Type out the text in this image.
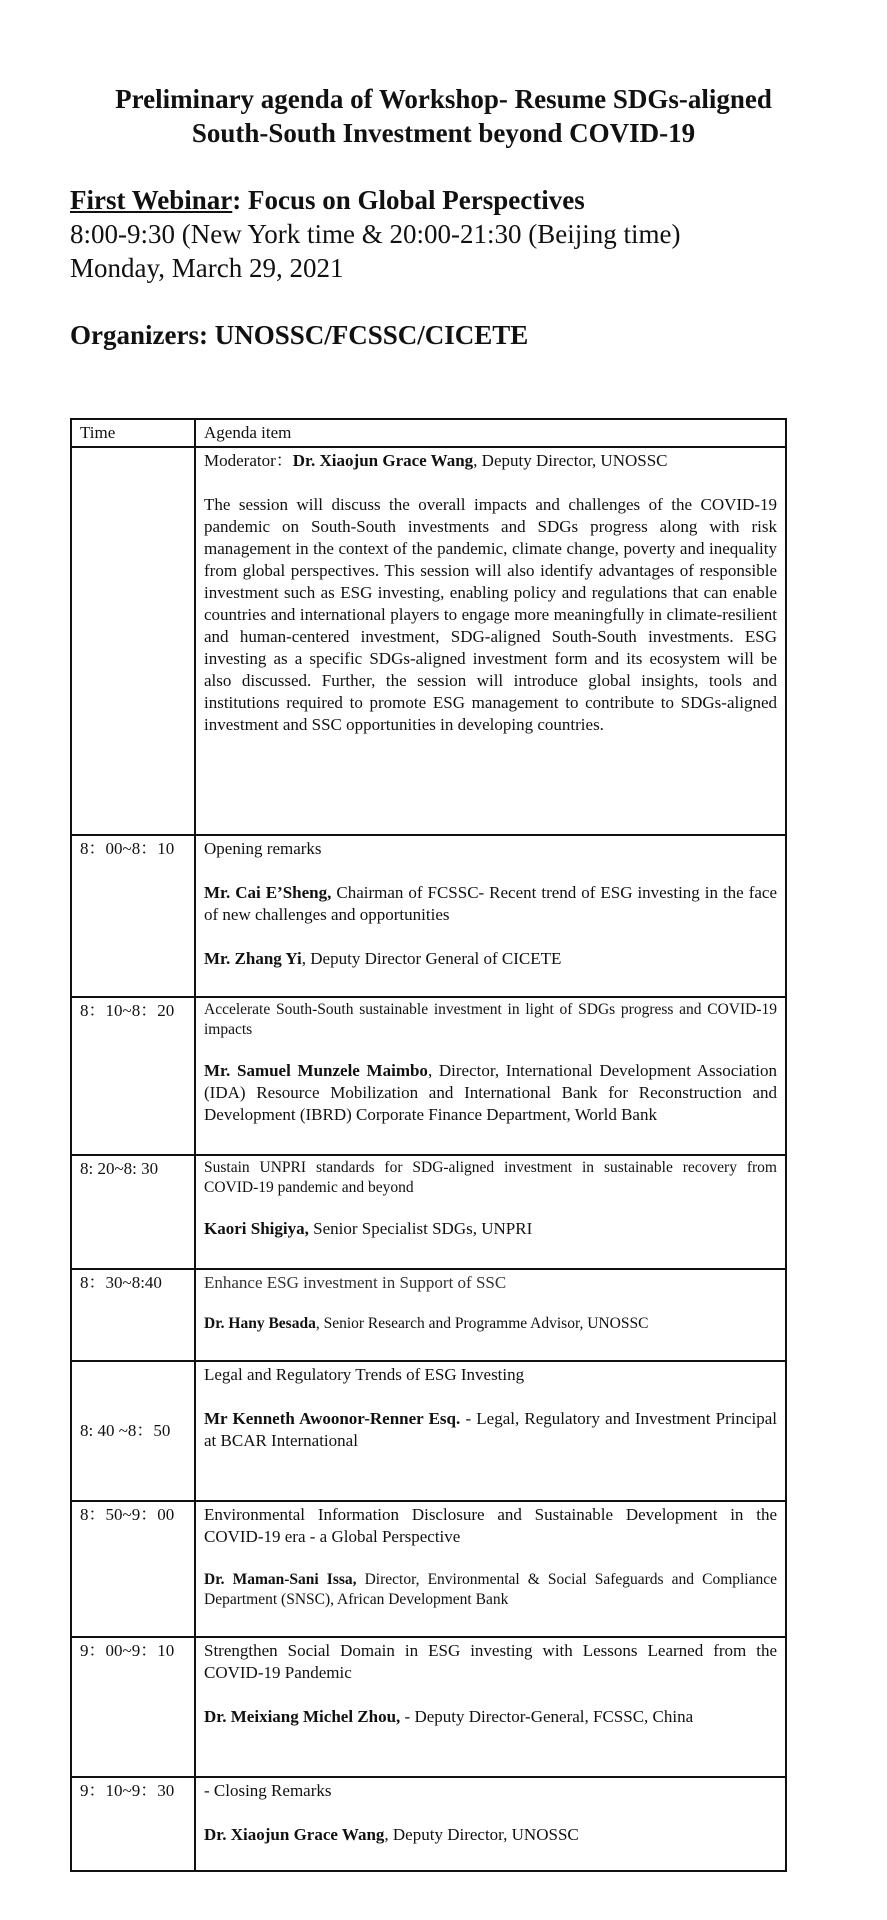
Preliminary agenda of Workshop- Resume SDGs-aligned
South-South Investment beyond COVID-19
First Webinar: Focus on Global Perspectives
8:00-9:30 (New York time & 20:00-21:30 (Beijing time)
Monday, March 29, 2021
Organizers: UNOSSC/FCSSC/CICETE
Time	Agenda item

	Moderator：Dr. Xiaojun Grace Wang, Deputy Director, UNOSSC

The session will discuss the overall impacts and challenges of the COVID-19 pandemic on South-South investments and SDGs progress along with risk management in the context of the pandemic, climate change, poverty and inequality from global perspectives. This session will also identify advantages of responsible investment such as ESG investing, enabling policy and regulations that can enable countries and international players to engage more meaningfully in climate-resilient and human-centered investment, SDG-aligned South-South investments. ESG investing as a specific SDGs-aligned investment form and its ecosystem will be also discussed. Further, the session will introduce global insights, tools and institutions required to promote ESG management to contribute to SDGs-aligned investment and SSC opportunities in developing countries.

8：00~8：10	Opening remarks

Mr. Cai E’Sheng, Chairman of FCSSC- Recent trend of ESG investing in the face of new challenges and opportunities

Mr. Zhang Yi, Deputy Director General of CICETE

8：10~8：20	Accelerate South-South sustainable investment in light of SDGs progress and COVID-19 impacts

Mr. Samuel Munzele Maimbo, Director, International Development Association (IDA) Resource Mobilization and International Bank for Reconstruction and Development (IBRD) Corporate Finance Department, World Bank

8: 20~8: 30	Sustain UNPRI standards for SDG-aligned investment in sustainable recovery from COVID-19 pandemic and beyond

Kaori Shigiya, Senior Specialist SDGs, UNPRI

8：30~8:40	Enhance ESG investment in Support of SSC

Dr. Hany Besada, Senior Research and Programme Advisor, UNOSSC

8: 40 ~8：50	Legal and Regulatory Trends of ESG Investing

Mr Kenneth Awoonor-Renner Esq. - Legal, Regulatory and Investment Principal at BCAR International

8：50~9：00	Environmental Information Disclosure and Sustainable Development in the COVID-19 era - a Global Perspective

Dr. Maman-Sani Issa, Director, Environmental & Social Safeguards and Compliance Department (SNSC), African Development Bank

9：00~9：10	Strengthen Social Domain in ESG investing with Lessons Learned from the COVID-19 Pandemic

Dr. Meixiang Michel Zhou, - Deputy Director-General, FCSSC, China

9：10~9：30	- Closing Remarks

Dr. Xiaojun Grace Wang, Deputy Director, UNOSSC
